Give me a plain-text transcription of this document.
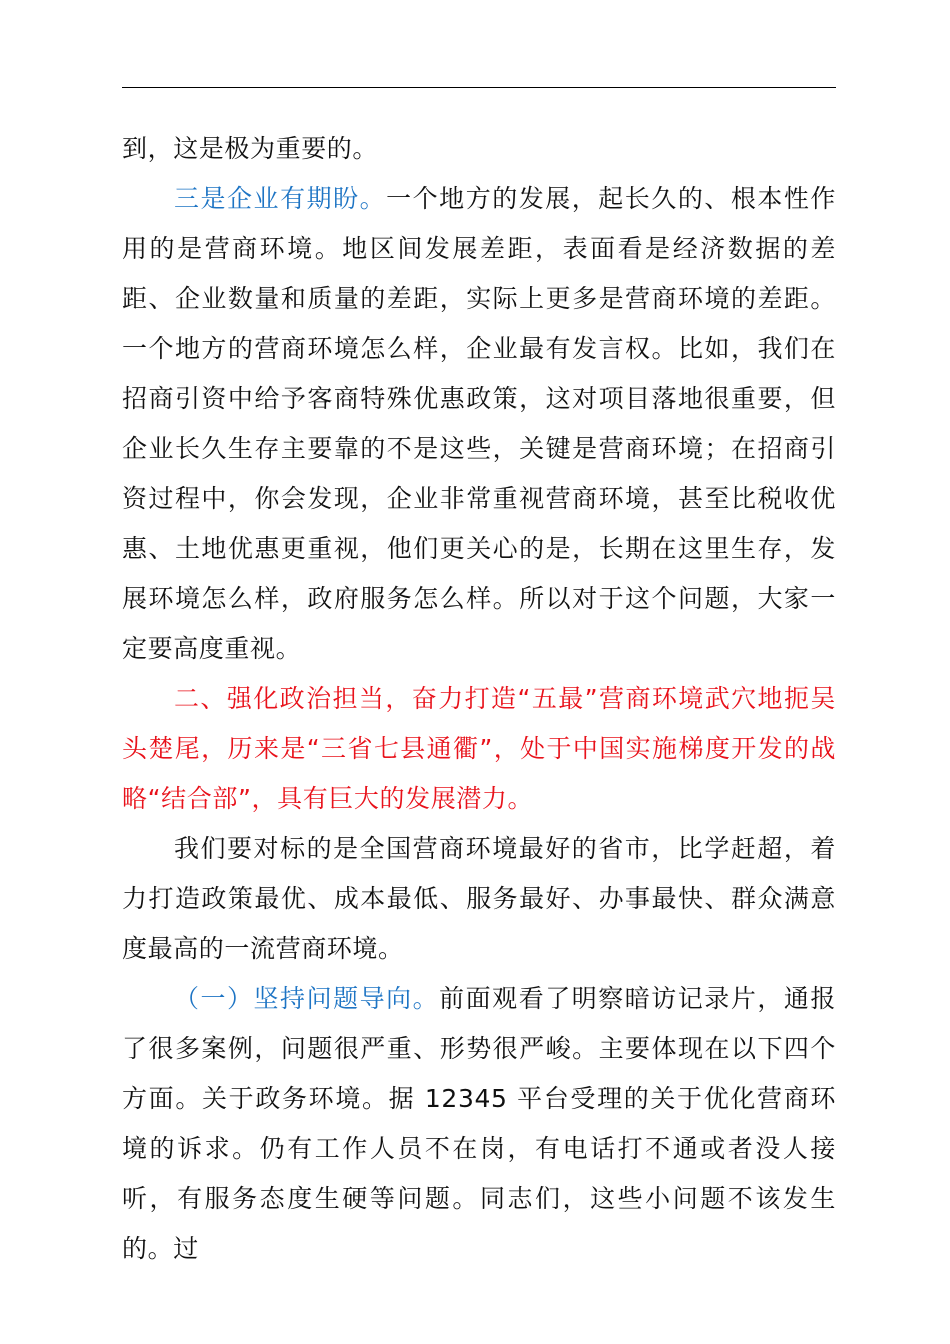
到，这是极为重要的。

三是企业有期盼。一个地方的发展，起长久的、根本性作用的是营商环境。地区间发展差距，表面看是经济数据的差距、企业数量和质量的差距，实际上更多是营商环境的差距。一个地方的营商环境怎么样，企业最有发言权。比如，我们在招商引资中给予客商特殊优惠政策，这对项目落地很重要，但企业长久生存主要靠的不是这些，关键是营商环境；在招商引资过程中，你会发现，企业非常重视营商环境，甚至比税收优惠、土地优惠更重视，他们更关心的是，长期在这里生存，发展环境怎么样，政府服务怎么样。所以对于这个问题，大家一定要高度重视。

二、强化政治担当，奋力打造“五最”营商环境武穴地扼吴头楚尾，历来是“三省七县通衢”，处于中国实施梯度开发的战略“结合部”，具有巨大的发展潜力。

我们要对标的是全国营商环境最好的省市，比学赶超，着力打造政策最优、成本最低、服务最好、办事最快、群众满意度最高的一流营商环境。

（一）坚持问题导向。前面观看了明察暗访记录片，通报了很多案例，问题很严重、形势很严峻。主要体现在以下四个方面。关于政务环境。据 12345 平台受理的关于优化营商环境的诉求。仍有工作人员不在岗，有电话打不通或者没人接听，有服务态度生硬等问题。同志们，这些小问题不该发生的。过
